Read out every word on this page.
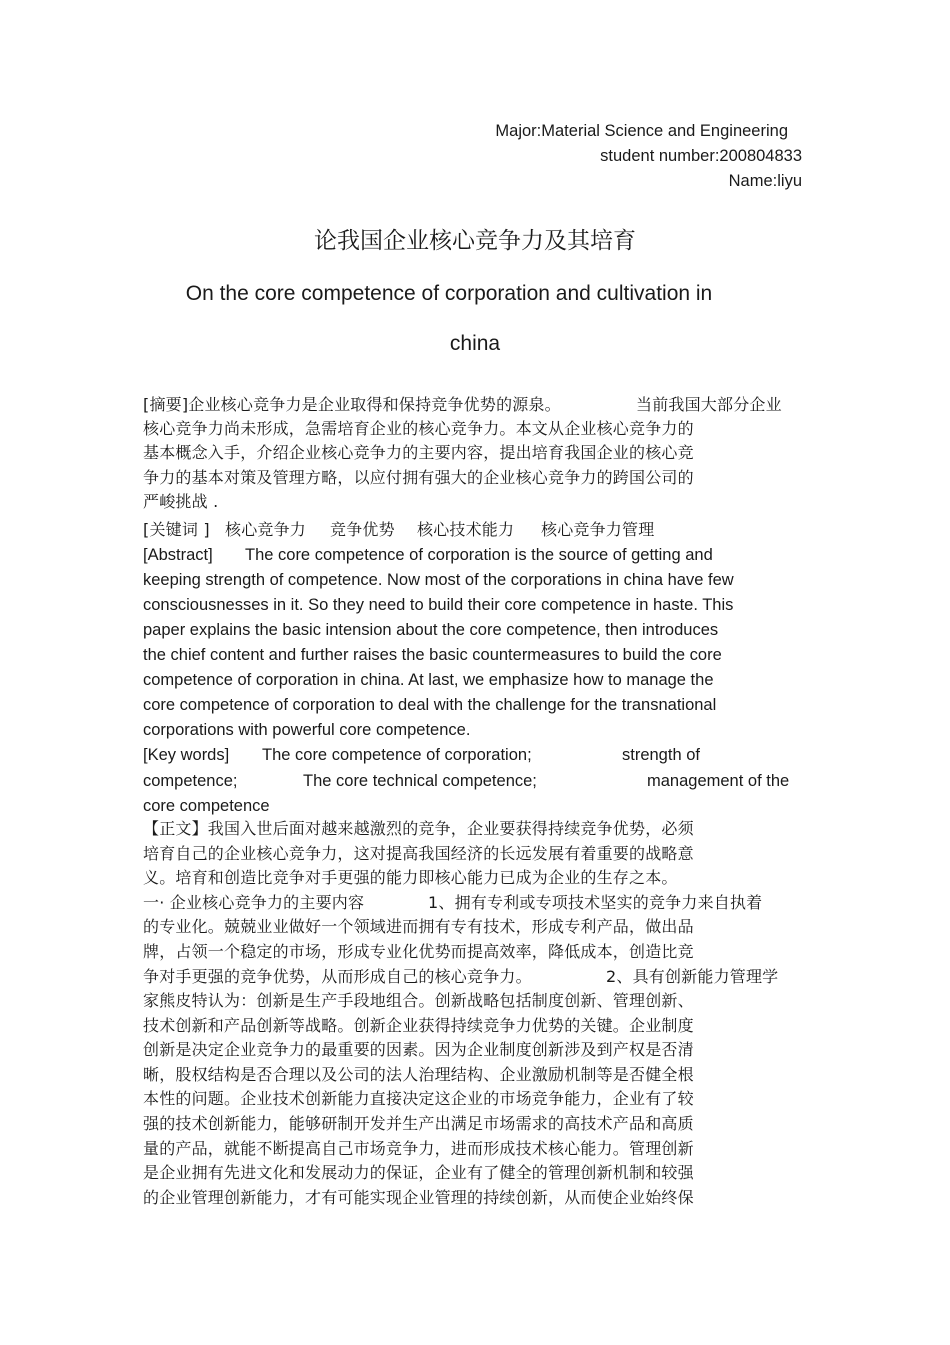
Major:Material Science and Engineering
student number:200804833
Name:liyu
论我国企业核心竞争力及其培育
On the core competence of corporation and cultivation in
china
[摘要]企业核心竞争力是企业取得和保持竞争优势的源泉。	当前我国大部分企业
核心竞争力尚未形成，急需培育企业的核心竞争力。本文从企业核心竞争力的
基本概念入手，介绍企业核心竞争力的主要内容，提出培育我国企业的核心竞
争力的基本对策及管理方略，以应付拥有强大的企业核心竞争力的跨国公司的
严峻挑战 .
[关键词 ] 核心竞争力 竞争优势 核心技术能力 核心竞争力管理
[Abstract] The core competence of corporation is the source of getting and
keeping strength of competence. Now most of the corporations in china have few
consciousnesses in it. So they need to build their core competence in haste. This
paper explains the basic intension about the core competence, then introduces
the chief content and further raises the basic countermeasures to build the core
competence of corporation in china. At last, we emphasize how to manage the
core competence of corporation to deal with the challenge for the transnational
corporations with powerful core competence.
[Key words] The core competence of corporation;	strength of
competence;	The core technical competence;	management of the
core competence
【正文】我国入世后面对越来越激烈的竞争，企业要获得持续竞争优势，必须
培育自己的企业核心竞争力，这对提高我国经济的长远发展有着重要的战略意
义。培育和创造比竞争对手更强的能力即核心能力已成为企业的生存之本。
一· 企业核心竞争力的主要内容	1、拥有专利或专项技术坚实的竞争力来自执着
的专业化。兢兢业业做好一个领域进而拥有专有技术，形成专利产品，做出品
牌，占领一个稳定的市场，形成专业化优势而提高效率，降低成本，创造比竞
争对手更强的竞争优势，从而形成自己的核心竞争力。	2、具有创新能力管理学
家熊皮特认为：创新是生产手段地组合。创新战略包括制度创新、管理创新、
技术创新和产品创新等战略。创新企业获得持续竞争力优势的关键。企业制度
创新是决定企业竞争力的最重要的因素。因为企业制度创新涉及到产权是否清
晰，股权结构是否合理以及公司的法人治理结构、企业激励机制等是否健全根
本性的问题。企业技术创新能力直接决定这企业的市场竞争能力，企业有了较
强的技术创新能力，能够研制开发并生产出满足市场需求的高技术产品和高质
量的产品，就能不断提高自己市场竞争力，进而形成技术核心能力。管理创新
是企业拥有先进文化和发展动力的保证，企业有了健全的管理创新机制和较强
的企业管理创新能力，才有可能实现企业管理的持续创新，从而使企业始终保
